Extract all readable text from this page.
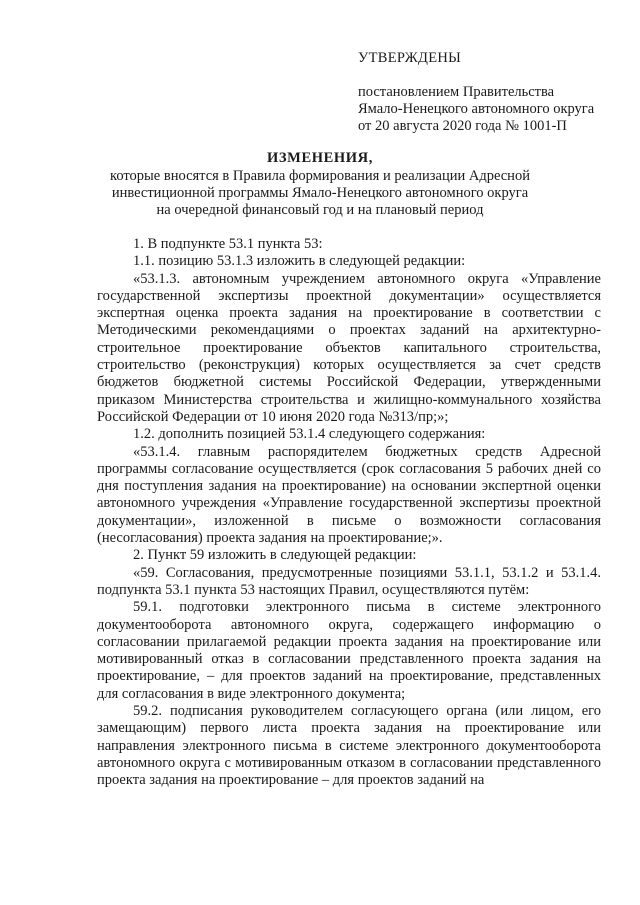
УТВЕРЖДЕНЫ
постановлением Правительства
Ямало-Ненецкого автономного округа
от 20 августа 2020 года № 1001-П
ИЗМЕНЕНИЯ,
которые вносятся в Правила формирования и реализации Адресной
инвестиционной программы Ямало-Ненецкого автономного округа
на очередной финансовый год и на плановый период

1. В подпункте 53.1 пункта 53:

1.1. позицию 53.1.3 изложить в следующей редакции:

«53.1.3. автономным учреждением автономного округа «Управление государственной экспертизы проектной документации» осуществляется экспертная оценка проекта задания на проектирование в соответствии с Методическими рекомендациями о проектах заданий на архитектурно-строительное проектирование объектов капитального строительства, строительство (реконструкция) которых осуществляется за счет средств бюджетов бюджетной системы Российской Федерации, утвержденными приказом Министерства строительства и жилищно-коммунального хозяйства Российской Федерации от 10 июня 2020 года №313/пр;»;

1.2. дополнить позицией 53.1.4 следующего содержания:

«53.1.4. главным распорядителем бюджетных средств Адресной программы согласование осуществляется (срок согласования 5 рабочих дней со дня поступления задания на проектирование) на основании экспертной оценки автономного учреждения «Управление государственной экспертизы проектной документации», изложенной в письме о возможности согласования (несогласования) проекта задания на проектирование;».

2. Пункт 59 изложить в следующей редакции:

«59. Согласования, предусмотренные позициями 53.1.1, 53.1.2 и 53.1.4. подпункта 53.1 пункта 53 настоящих Правил, осуществляются путём:

59.1. подготовки электронного письма в системе электронного документооборота автономного округа, содержащего информацию о согласовании прилагаемой редакции проекта задания на проектирование или мотивированный отказ в согласовании представленного проекта задания на проектирование, – для проектов заданий на проектирование, представленных для согласования в виде электронного документа;

59.2. подписания руководителем согласующего органа (или лицом, его замещающим) первого листа проекта задания на проектирование или направления электронного письма в системе электронного документооборота автономного округа с мотивированным отказом в согласовании представленного проекта задания на проектирование – для проектов заданий на
